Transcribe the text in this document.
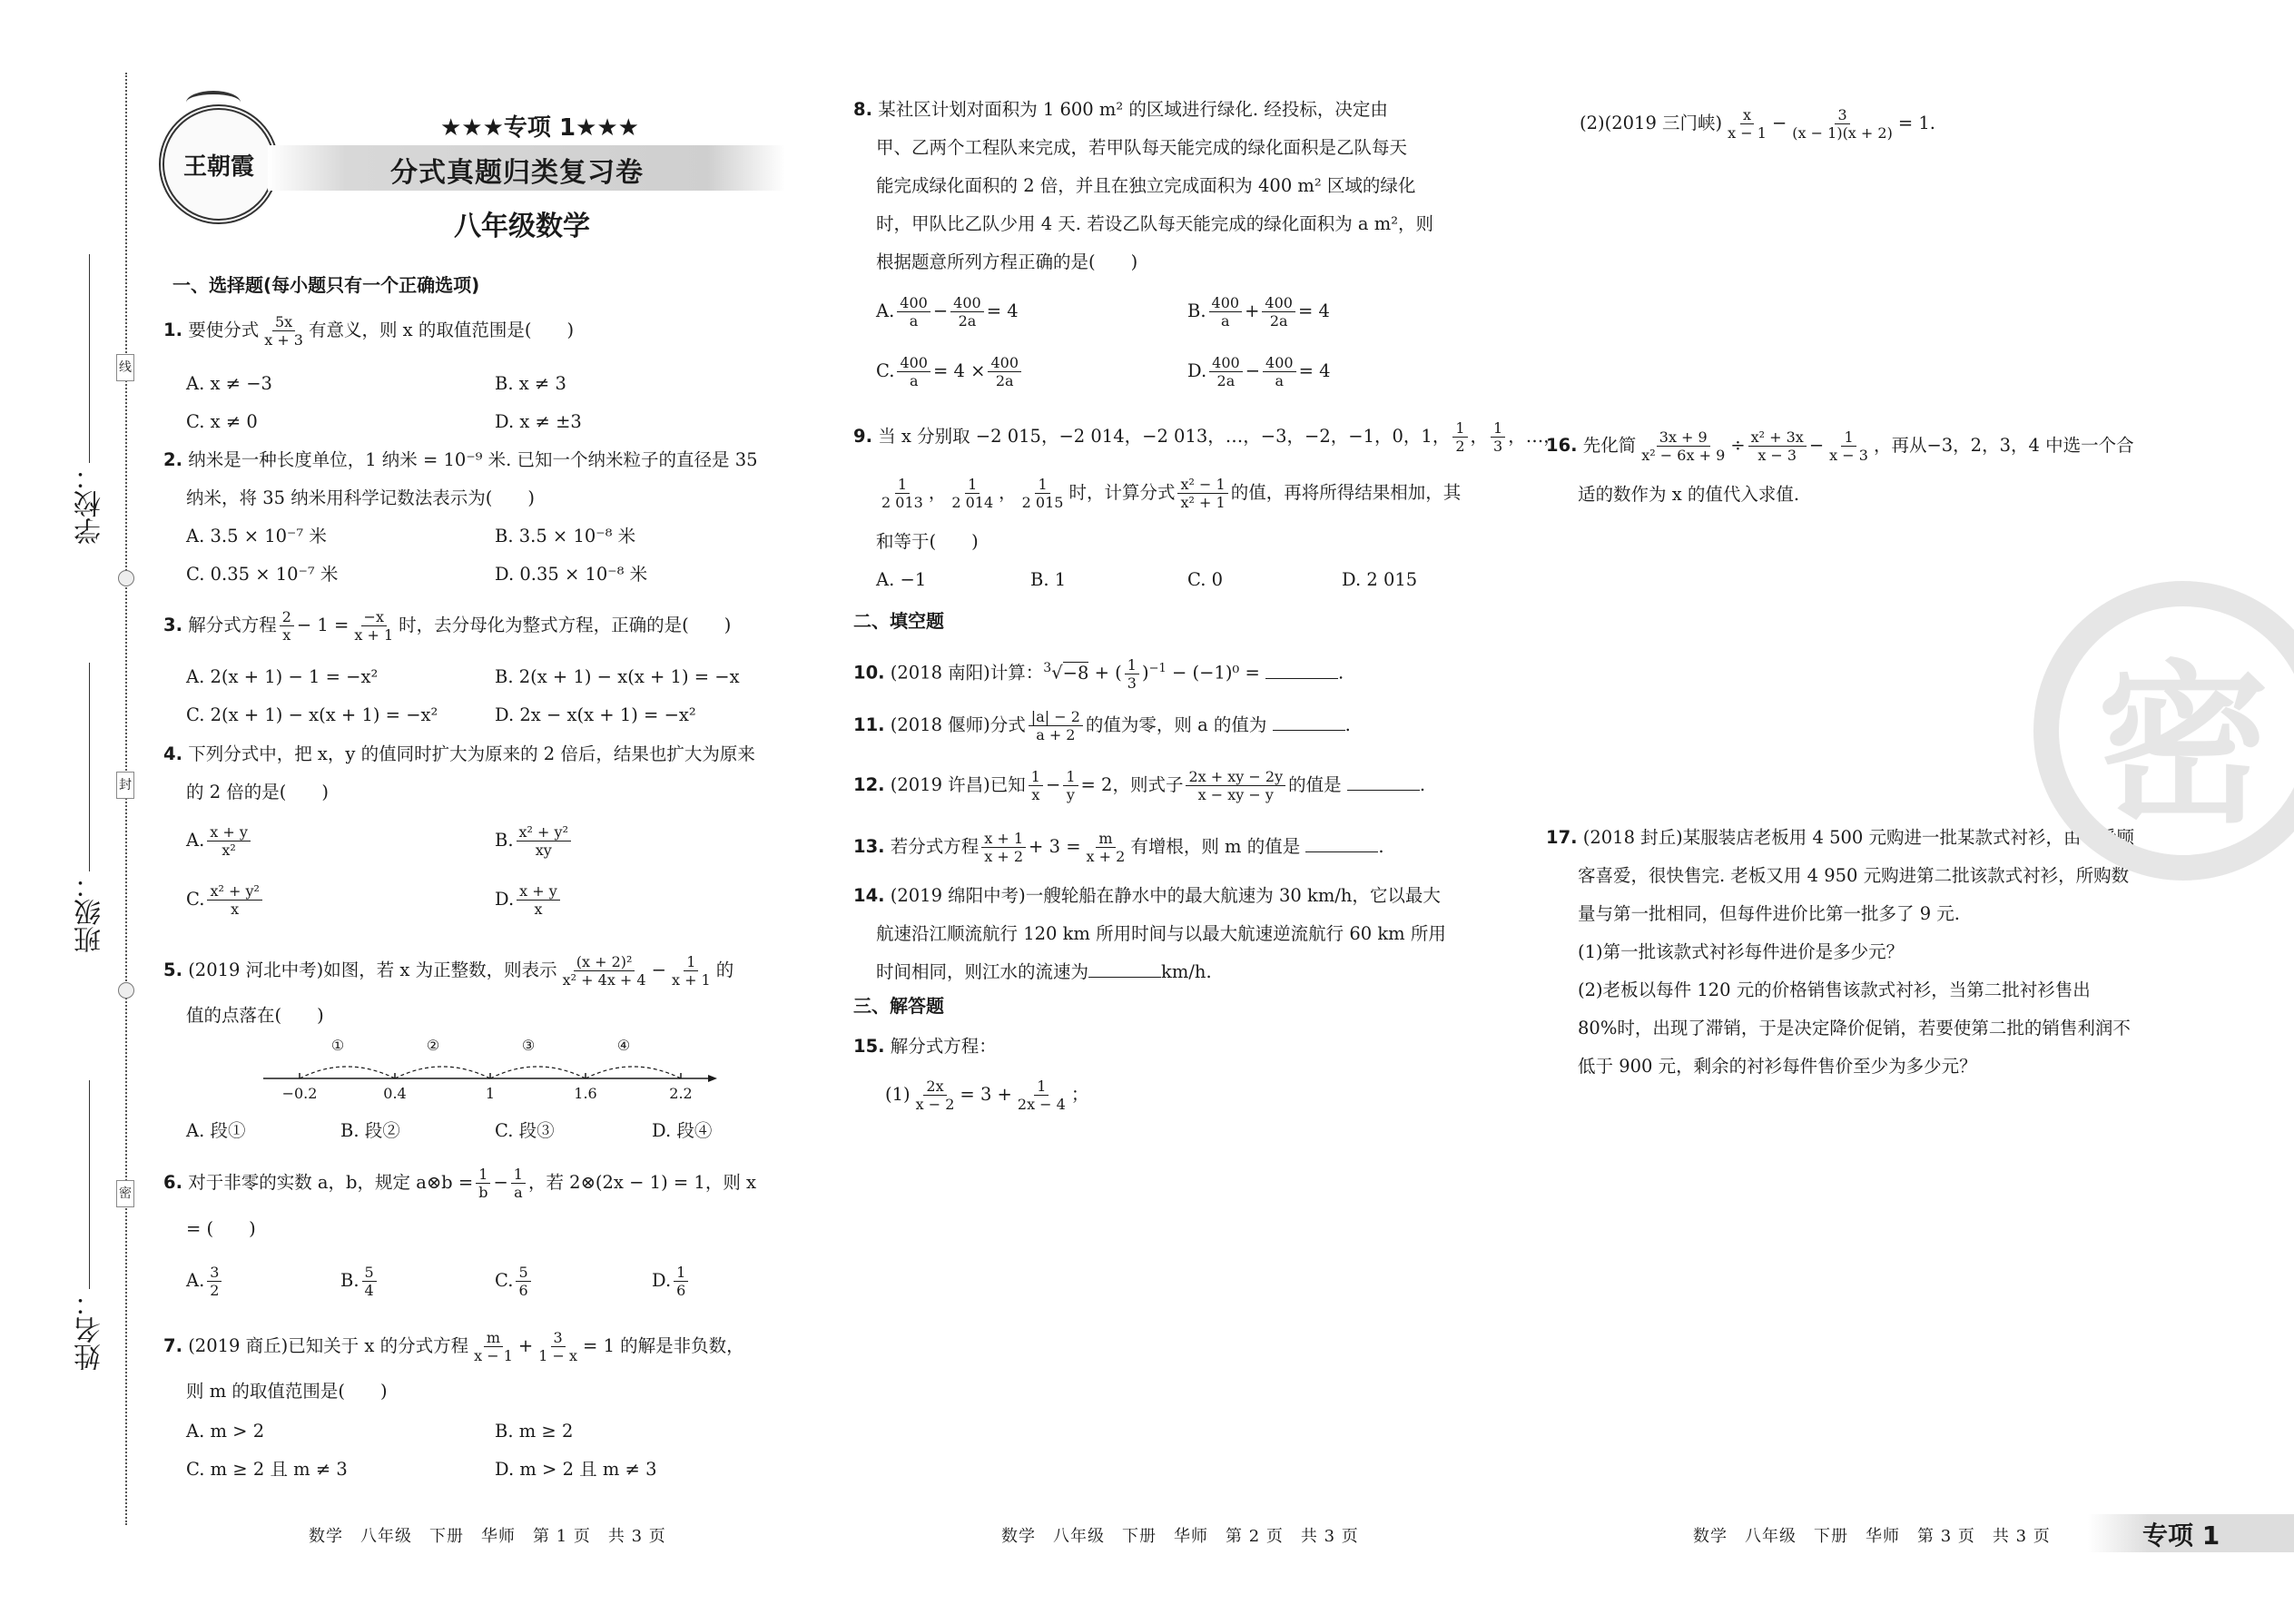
学校：
班级：
姓名：
线
封
密
王朝霞
★★★专项 1★★★
分式真题归类复习卷
八年级数学
一、选择题(每小题只有一个正确选项)
1. 要使分式 $\frac{5x}{x + 3}$ 有意义，则 x 的取值范围是(　　)
A. x ≠ −3	B. x ≠ 3
C. x ≠ 0	D. x ≠ ±3
2. 纳米是一种长度单位，1 纳米 = 10⁻⁹ 米. 已知一个纳米粒子的直径是 35
纳米，将 35 纳米用科学记数法表示为(　　)
A. 3.5 × 10⁻⁷ 米	B. 3.5 × 10⁻⁸ 米
C. 0.35 × 10⁻⁷ 米	D. 0.35 × 10⁻⁸ 米
3. 解分式方程 $\frac{2}{x} - 1 = \frac{-x}{x + 1}$ 时，去分母化为整式方程，正确的是(　　)
A. 2(x + 1) − 1 = −x²	B. 2(x + 1) − x(x + 1) = −x
C. 2(x + 1) − x(x + 1) = −x²	D. 2x − x(x + 1) = −x²
4. 下列分式中，把 x，y 的值同时扩大为原来的 2 倍后，结果也扩大为原来
的 2 倍的是(　　)
A. $\frac{x + y}{\text{x²}}$	B. $\frac{\text{x² + y²}}{xy}$
C. $\frac{\text{x² + y²}}{x}$	D. $\frac{x + y}{x}$
5. (2019 河北中考)如图，若 x 为正整数，则表示 $\frac{\text{(x + 2)²}}{\text{x² + 4x + 4}} - \frac{1}{x + 1}$ 的
值的点落在(　　)
①	②	③	④
−0.2	0.4	1	1.6	2.2
A. 段①	B. 段②	C. 段③	D. 段④
6. 对于非零的实数 a，b，规定 a⊗b = $\frac{1}{b} - \frac{1}{a}$ ，若 2⊗(2x − 1) = 1，则 x
= (　　)
A. $\frac{3}{2}$	B. $\frac{5}{4}$	C. $\frac{5}{6}$	D. $\frac{1}{6}$
7. (2019 商丘)已知关于 x 的分式方程 $\frac{m}{x - 1} + \frac{3}{1 - x} = 1$ 的解是非负数，
则 m 的取值范围是(　　)
A. m > 2	B. m ≥ 2
C. m ≥ 2 且 m ≠ 3	D. m > 2 且 m ≠ 3
数学　八年级　下册　华师　第 1 页　共 3 页
8. 某社区计划对面积为 1 600 m² 的区域进行绿化. 经投标，决定由
甲、乙两个工程队来完成，若甲队每天能完成的绿化面积是乙队每天
能完成绿化面积的 2 倍，并且在独立完成面积为 400 m² 区域的绿化
时，甲队比乙队少用 4 天. 若设乙队每天能完成的绿化面积为 a m²，则
根据题意所列方程正确的是(　　)
A. $\frac{400}{a} - \frac{400}{2a} = 4$	B. $\frac{400}{a} + \frac{400}{2a} = 4$
C. $\frac{400}{a} = 4 \times \frac{400}{2a}$	D. $\frac{400}{2a} - \frac{400}{a} = 4$
9. 当 x 分别取 −2 015，−2 014，−2 013，…，−3，−2，−1，0，1， $\frac{1}{2}$ ， $\frac{1}{3}$ ，…，
$\frac{1}{2 013}$ ， $\frac{1}{2 014}$ ， $\frac{1}{2 015}$ 时，计算分式 $\frac{\text{x² − 1}}{\text{x² + 1}}$ 的值，再将所得结果相加，其
和等于(　　)
A. −1	B. 1	C. 0	D. 2 015
二、填空题
10. (2018 南阳)计算：$^3$√−8 + ( $\frac{1}{3} )^{-1} - (-1)^0$ =	.
11. (2018 偃师)分式 $\frac{|a| - 2}{a + 2}$ 的值为零，则 a 的值为	.
12. (2019 许昌)已知 $\frac{1}{x} - \frac{1}{y} = 2$，则式子 $\frac{2x + xy - 2y}{x - xy - y}$ 的值是	.
13. 若分式方程 $\frac{x + 1}{x + 2} + 3 = \frac{m}{x + 2}$ 有增根，则 m 的值是	.
14. (2019 绵阳中考)一艘轮船在静水中的最大航速为 30 km/h，它以最大
航速沿江顺流航行 120 km 所用时间与以最大航速逆流航行 60 km 所用
时间相同，则江水的流速为	km/h.
三、解答题
15. 解分式方程：
$(1) \frac{2x}{x - 2} = 3 + \frac{1}{2x - 4}$ ；
数学　八年级　下册　华师　第 2 页　共 3 页
(2)(2019 三门峡) $\frac{x}{x - 1} - \frac{3}{(x - 1)(x + 2)} = 1$.
16. 先化简 $\frac{3x + 9}{\text{x² − 6x + 9}} \div \frac{\text{x² + 3x}}{x - 3} - \frac{1}{x - 3}$ ，再从−3，2，3，4 中选一个合
适的数作为 x 的值代入求值.
17. (2018 封丘)某服装店老板用 4 500 元购进一批某款式衬衫，由于受顾
客喜爱，很快售完. 老板又用 4 950 元购进第二批该款式衬衫，所购数
量与第一批相同，但每件进价比第一批多了 9 元.
(1)第一批该款式衬衫每件进价是多少元？
(2)老板以每件 120 元的价格销售该款式衬衫，当第二批衬衫售出
80%时，出现了滞销，于是决定降价促销，若要使第二批的销售利润不
低于 900 元，剩余的衬衫每件售价至少为多少元？
密
数学　八年级　下册　华师　第 3 页　共 3 页	专项 1
